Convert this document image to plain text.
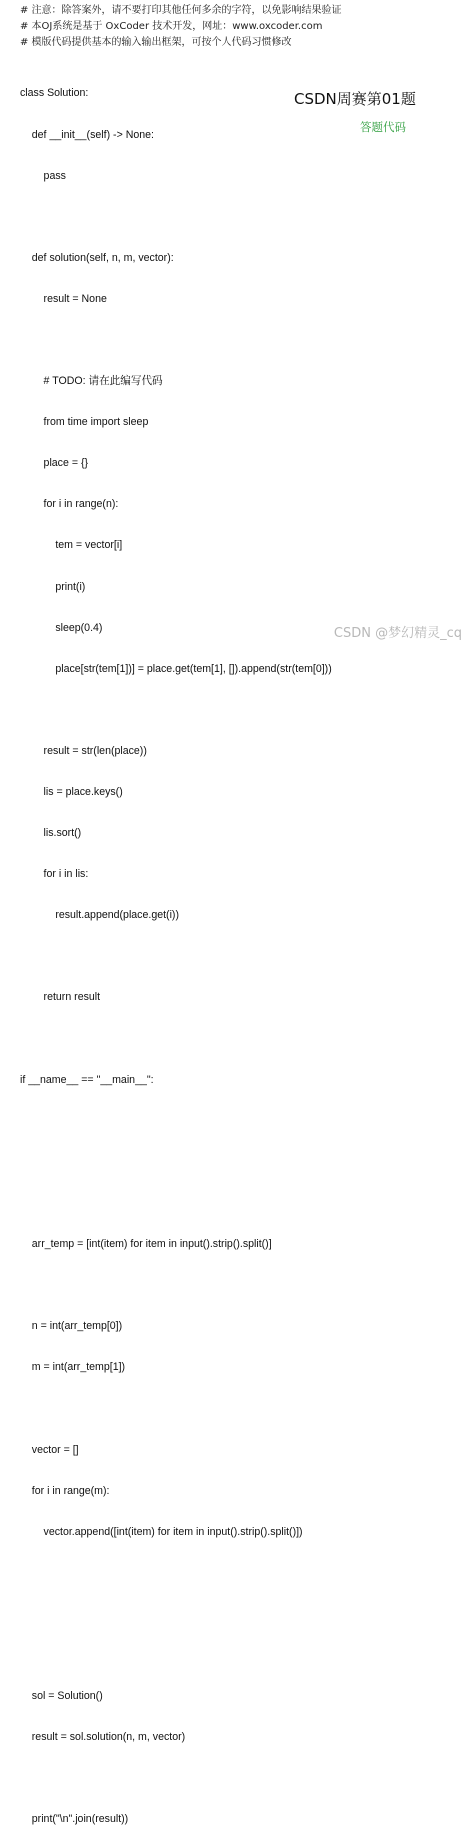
# 注意：除答案外，请不要打印其他任何多余的字符，以免影响结果验证
# 本OJ系统是基于 OxCoder 技术开发，网址：www.oxcoder.com
# 模版代码提供基本的输入输出框架，可按个人代码习惯修改
CSDN周赛第01题
答题代码

class Solution:

def __init__(self) -> None:

pass

def solution(self, n, m, vector):

result = None

# TODO: 请在此编写代码

from time import sleep

place = {}

for i in range(n):

tem = vector[i]

print(i)

sleep(0.4)

place[str(tem[1])] = place.get(tem[1], []).append(str(tem[0]))

result = str(len(place))

lis = place.keys()

lis.sort()

for i in lis:

result.append(place.get(i))

return result

if __name__ == "__main__":

arr_temp = [int(item) for item in input().strip().split()]

n = int(arr_temp[0])

m = int(arr_temp[1])

vector = []

for i in range(m):

vector.append([int(item) for item in input().strip().split()])

sol = Solution()

result = sol.solution(n, m, vector)

print("\n".join(result))

CSDN @梦幻精灵_cq
